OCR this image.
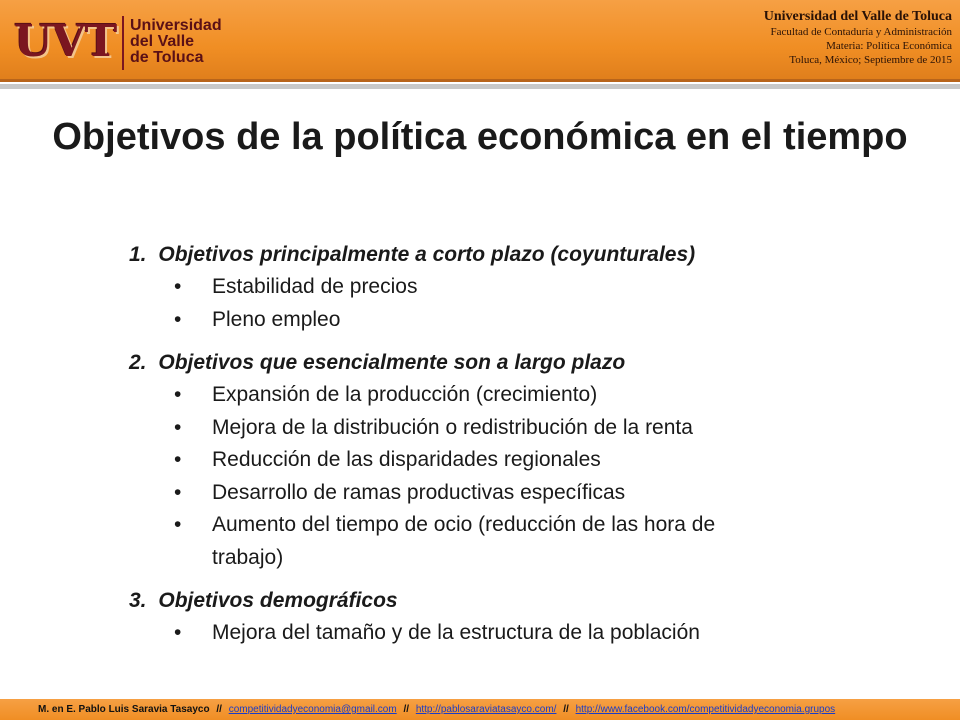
UVT Universidad
del Valle
de Toluca
Universidad del Valle de Toluca
Facultad de Contaduría y Administración
Materia: Política Económica
Toluca, México; Septiembre de 2015
Objetivos de la política económica en el tiempo
1. Objetivos principalmente a corto plazo (coyunturales)
• Estabilidad de precios
• Pleno empleo
2. Objetivos que esencialmente son a largo plazo
• Expansión de la producción (crecimiento)
• Mejora de la distribución o redistribución de la renta
• Reducción de las disparidades regionales
• Desarrollo de ramas productivas específicas
• Aumento del tiempo de ocio (reducción de las hora de trabajo)
3. Objetivos demográficos
• Mejora del tamaño y de la estructura de la población
M. en E. Pablo Luis Saravia Tasayco // competitividadyeconomia@gmail.com // http://pablosaraviatasayco.com/ // http://www.facebook.com/competitividadyeconomia.grupos
